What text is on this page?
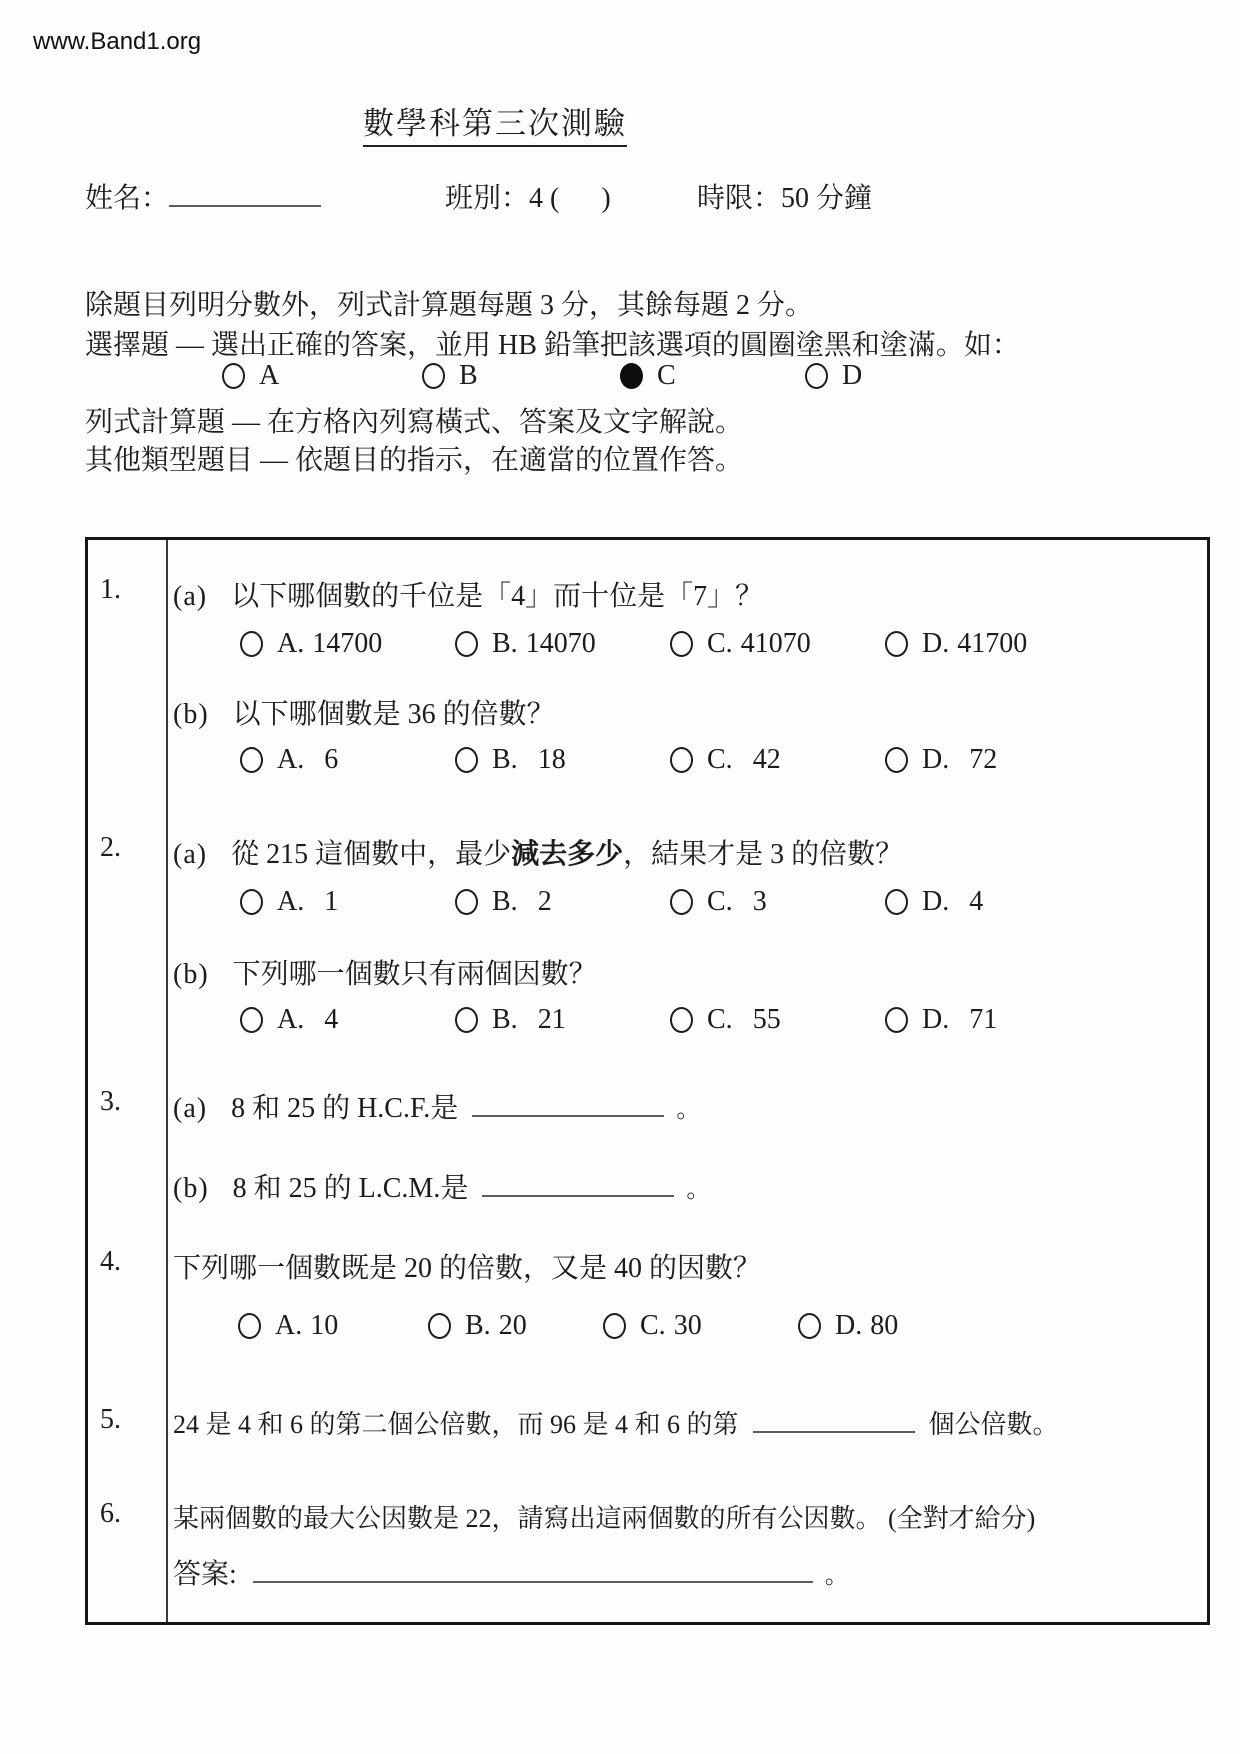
www.Band1.org
數學科第三次測驗
姓名：	班別：4 (      )	時限：50 分鐘
除題目列明分數外，列式計算題每題 3 分，其餘每題 2 分。
選擇題 — 選出正確的答案，並用 HB 鉛筆把該選項的圓圈塗黑和塗滿。如：
A	B	C	D
列式計算題 — 在方格內列寫橫式、答案及文字解說。
其他類型題目 — 依題目的指示，在適當的位置作答。
1. (a) 以下哪個數的千位是「4」而十位是「7」？
A. 14700	B. 14070	C. 41070	D. 41700
(b) 以下哪個數是 36 的倍數？
A. 6	B. 18	C. 42	D. 72
2. (a) 從 215 這個數中，最少減去多少，結果才是 3 的倍數？
A. 1	B. 2	C. 3	D. 4
(b) 下列哪一個數只有兩個因數？
A. 4	B. 21	C. 55	D. 71
3. (a) 8 和 25 的 H.C.F.是	。
(b) 8 和 25 的 L.C.M.是	。
4. 下列哪一個數既是 20 的倍數，又是 40 的因數？
A. 10	B. 20	C. 30	D. 80
5. 24 是 4 和 6 的第二個公倍數，而 96 是 4 和 6 的第	個公倍數。
6. 某兩個數的最大公因數是 22，請寫出這兩個數的所有公因數。 (全對才給分)
答案:	。
